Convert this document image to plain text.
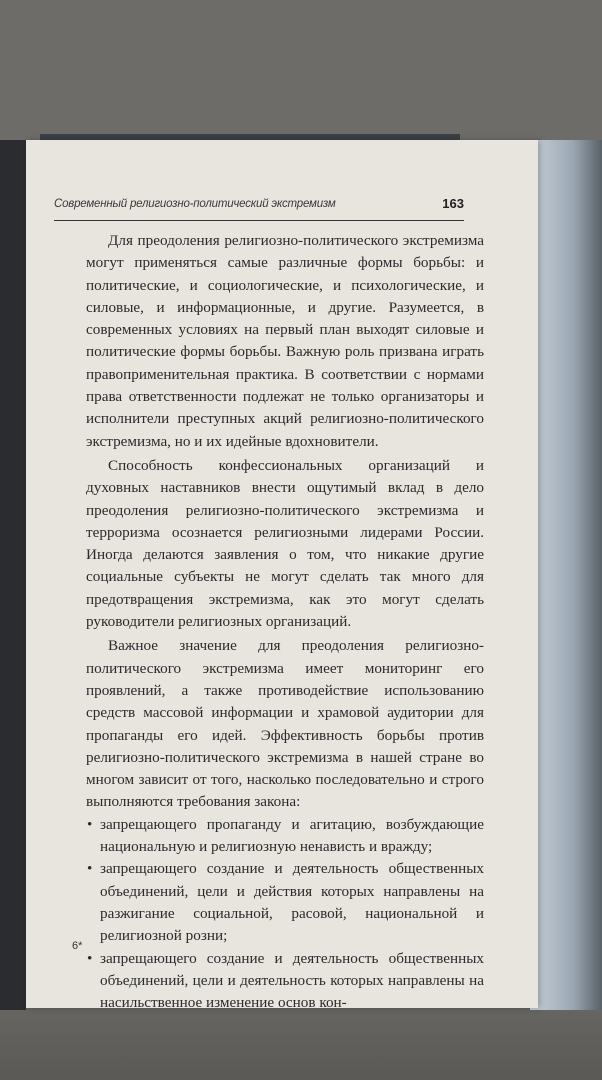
Современный религиозно-политический экстремизм	163

Для преодоления религиозно-политического экстремизма могут применяться самые различные формы борьбы: и политические, и социологические, и психологические, и силовые, и информационные, и другие. Разумеется, в современных условиях на первый план выходят силовые и политические формы борьбы. Важную роль призвана играть правоприменительная практика. В соответствии с нормами права ответственности подлежат не только организаторы и исполнители преступных акций религиозно-политического экстремизма, но и их идейные вдохновители.

Способность конфессиональных организаций и духовных наставников внести ощутимый вклад в дело преодоления религиозно-политического экстремизма и терроризма осознается религиозными лидерами России. Иногда делаются заявления о том, что никакие другие социальные субъекты не могут сделать так много для предотвращения экстремизма, как это могут сделать руководители религиозных организаций.

Важное значение для преодоления религиозно-политического экстремизма имеет мониторинг его проявлений, а также противодействие использованию средств массовой информации и храмовой аудитории для пропаганды его идей. Эффективность борьбы против религиозно-политического экстремизма в нашей стране во многом зависит от того, насколько последовательно и строго выполняются требования закона:

• запрещающего пропаганду и агитацию, возбуждающие национальную и религиозную ненависть и вражду;
• запрещающего создание и деятельность общественных объединений, цели и действия которых направлены на разжигание социальной, расовой, национальной и религиозной розни;
• запрещающего создание и деятельность общественных объединений, цели и деятельность которых направлены на насильственное изменение основ кон-
6*
